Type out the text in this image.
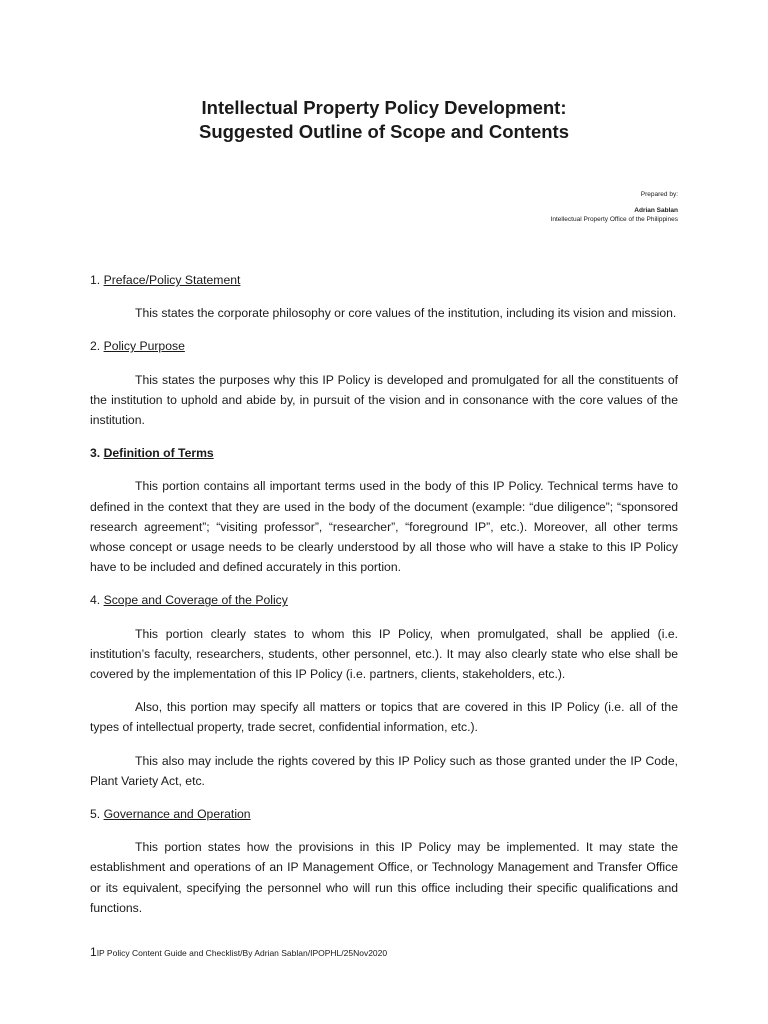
Intellectual Property Policy Development:
Suggested Outline of Scope and Contents
Prepared by:
Adrian Sablan
Intellectual Property Office of the Philippines
1. Preface/Policy Statement

This states the corporate philosophy or core values of the institution, including its vision and mission.

2. Policy Purpose

This states the purposes why this IP Policy is developed and promulgated for all the constituents of the institution to uphold and abide by, in pursuit of the vision and in consonance with the core values of the institution.

3. Definition of Terms

This portion contains all important terms used in the body of this IP Policy. Technical terms have to defined in the context that they are used in the body of the document (example: “due diligence”; “sponsored research agreement”; “visiting professor”, “researcher”, “foreground IP”, etc.). Moreover, all other terms whose concept or usage needs to be clearly understood by all those who will have a stake to this IP Policy have to be included and defined accurately in this portion.

4. Scope and Coverage of the Policy

This portion clearly states to whom this IP Policy, when promulgated, shall be applied (i.e. institution’s faculty, researchers, students, other personnel, etc.). It may also clearly state who else shall be covered by the implementation of this IP Policy (i.e. partners, clients, stakeholders, etc.).

Also, this portion may specify all matters or topics that are covered in this IP Policy (i.e. all of the types of intellectual property, trade secret, confidential information, etc.).

This also may include the rights covered by this IP Policy such as those granted under the IP Code, Plant Variety Act, etc.

5. Governance and Operation

This portion states how the provisions in this IP Policy may be implemented. It may state the establishment and operations of an IP Management Office, or Technology Management and Transfer Office or its equivalent, specifying the personnel who will run this office including their specific qualifications and functions.

1IP Policy Content Guide and Checklist/By Adrian Sablan/IPOPHL/25Nov2020
